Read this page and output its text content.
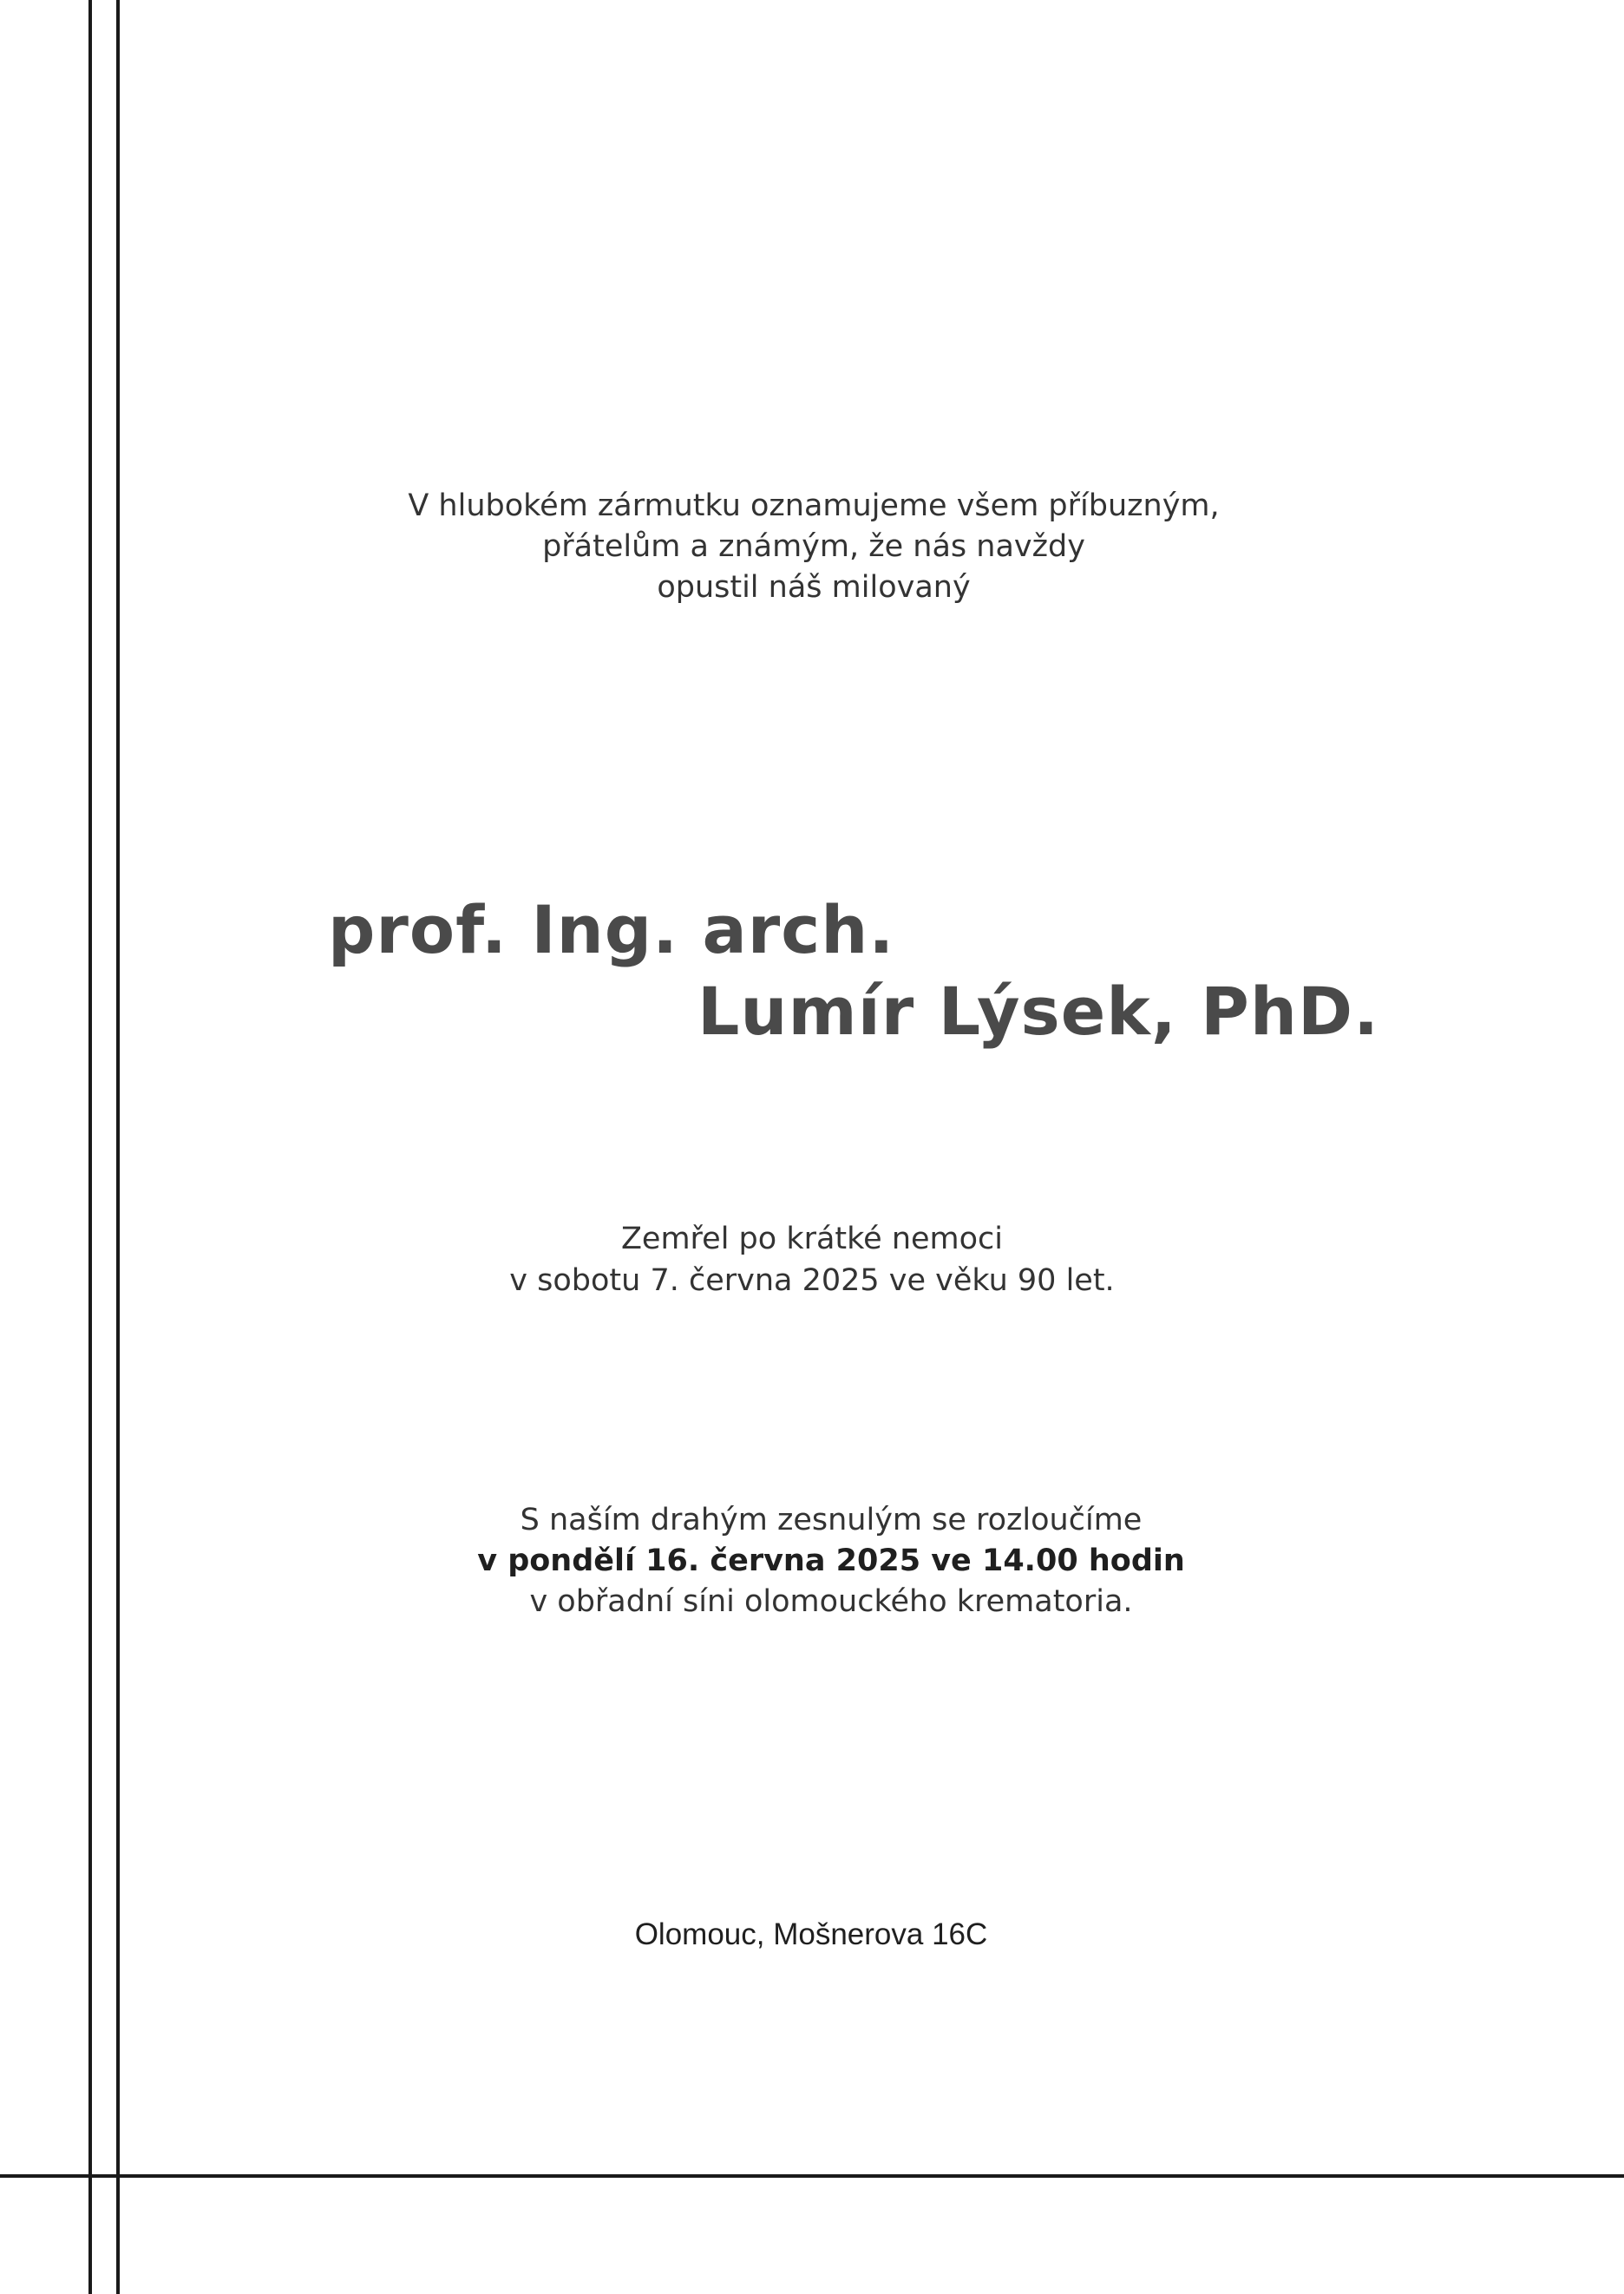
V hlubokém zármutku oznamujeme všem příbuzným,
přátelům a známým, že nás navždy
opustil náš milovaný
prof. Ing. arch.
Lumír Lýsek, PhD.
Zemřel po krátké nemoci
v sobotu 7. června 2025 ve věku 90 let.
S naším drahým zesnulým se rozloučíme
v pondělí 16. června 2025 ve 14.00 hodin
v obřadní síni olomouckého krematoria.
Olomouc, Mošnerova 16C
